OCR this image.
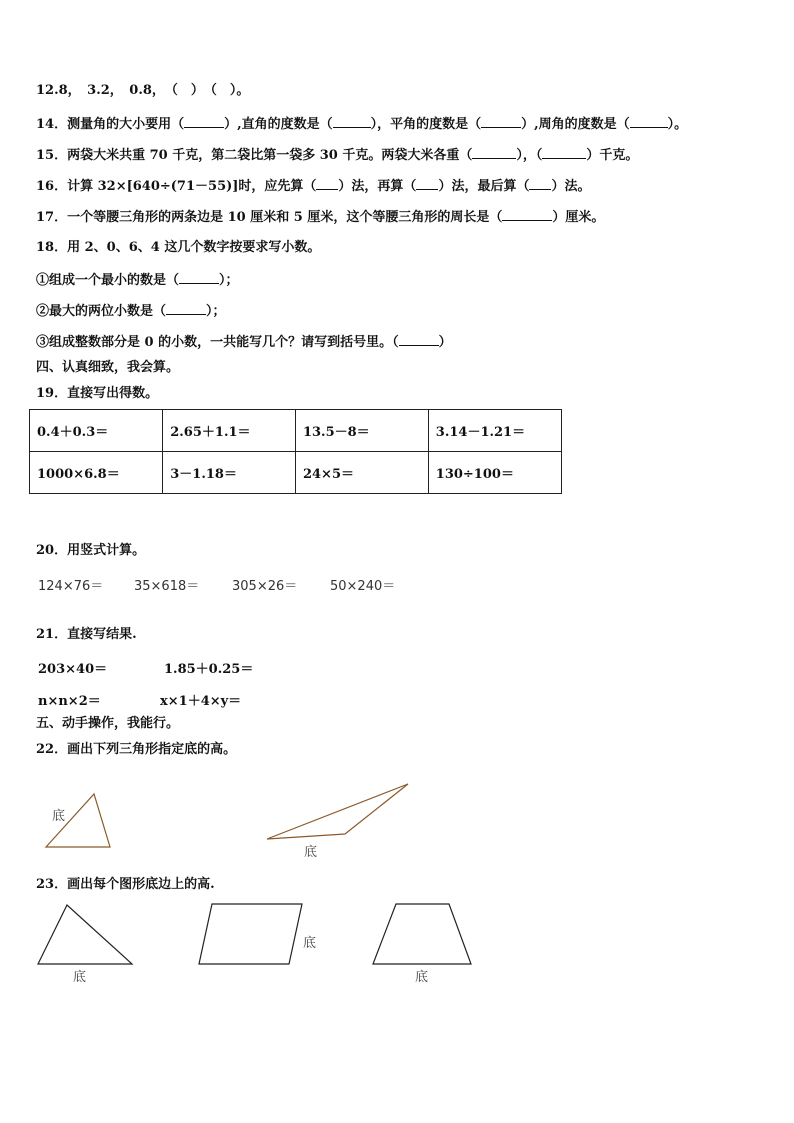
12.8，　3.2，　0.8，　（　）　（　）。
14．测量角的大小要用（	）,直角的度数是（	），平角的度数是（	）,周角的度数是（	）。
15．两袋大米共重 70 千克，第二袋比第一袋多 30 千克。两袋大米各重（	），（	）千克。
16．计算 32×[640÷(71－55)]时，应先算（ ）法，再算（ ）法，最后算（ ）法。
17．一个等腰三角形的两条边是 10 厘米和 5 厘米，这个等腰三角形的周长是（	）厘米。
18．用 2、0、6、4 这几个数字按要求写小数。
①组成一个最小的数是（	）；
②最大的两位小数是（	）；
③组成整数部分是 0 的小数，一共能写几个？请写到括号里。（	）
四、认真细致，我会算。
19．直接写出得数。
0.4＋0.3＝	2.65＋1.1＝	13.5－8＝	3.14－1.21＝
1000×6.8＝	3－1.18＝	24×5＝	130÷100＝
20．用竖式计算。
124×76＝ 35×618＝	305×26＝	50×240＝
21．直接写结果.
203×40＝	1.85＋0.25＝
n×n×2＝	x×1＋4×y＝
五、动手操作，我能行。
22．画出下列三角形指定底的高。
底
底
23．画出每个图形底边上的高.
底
底
底
